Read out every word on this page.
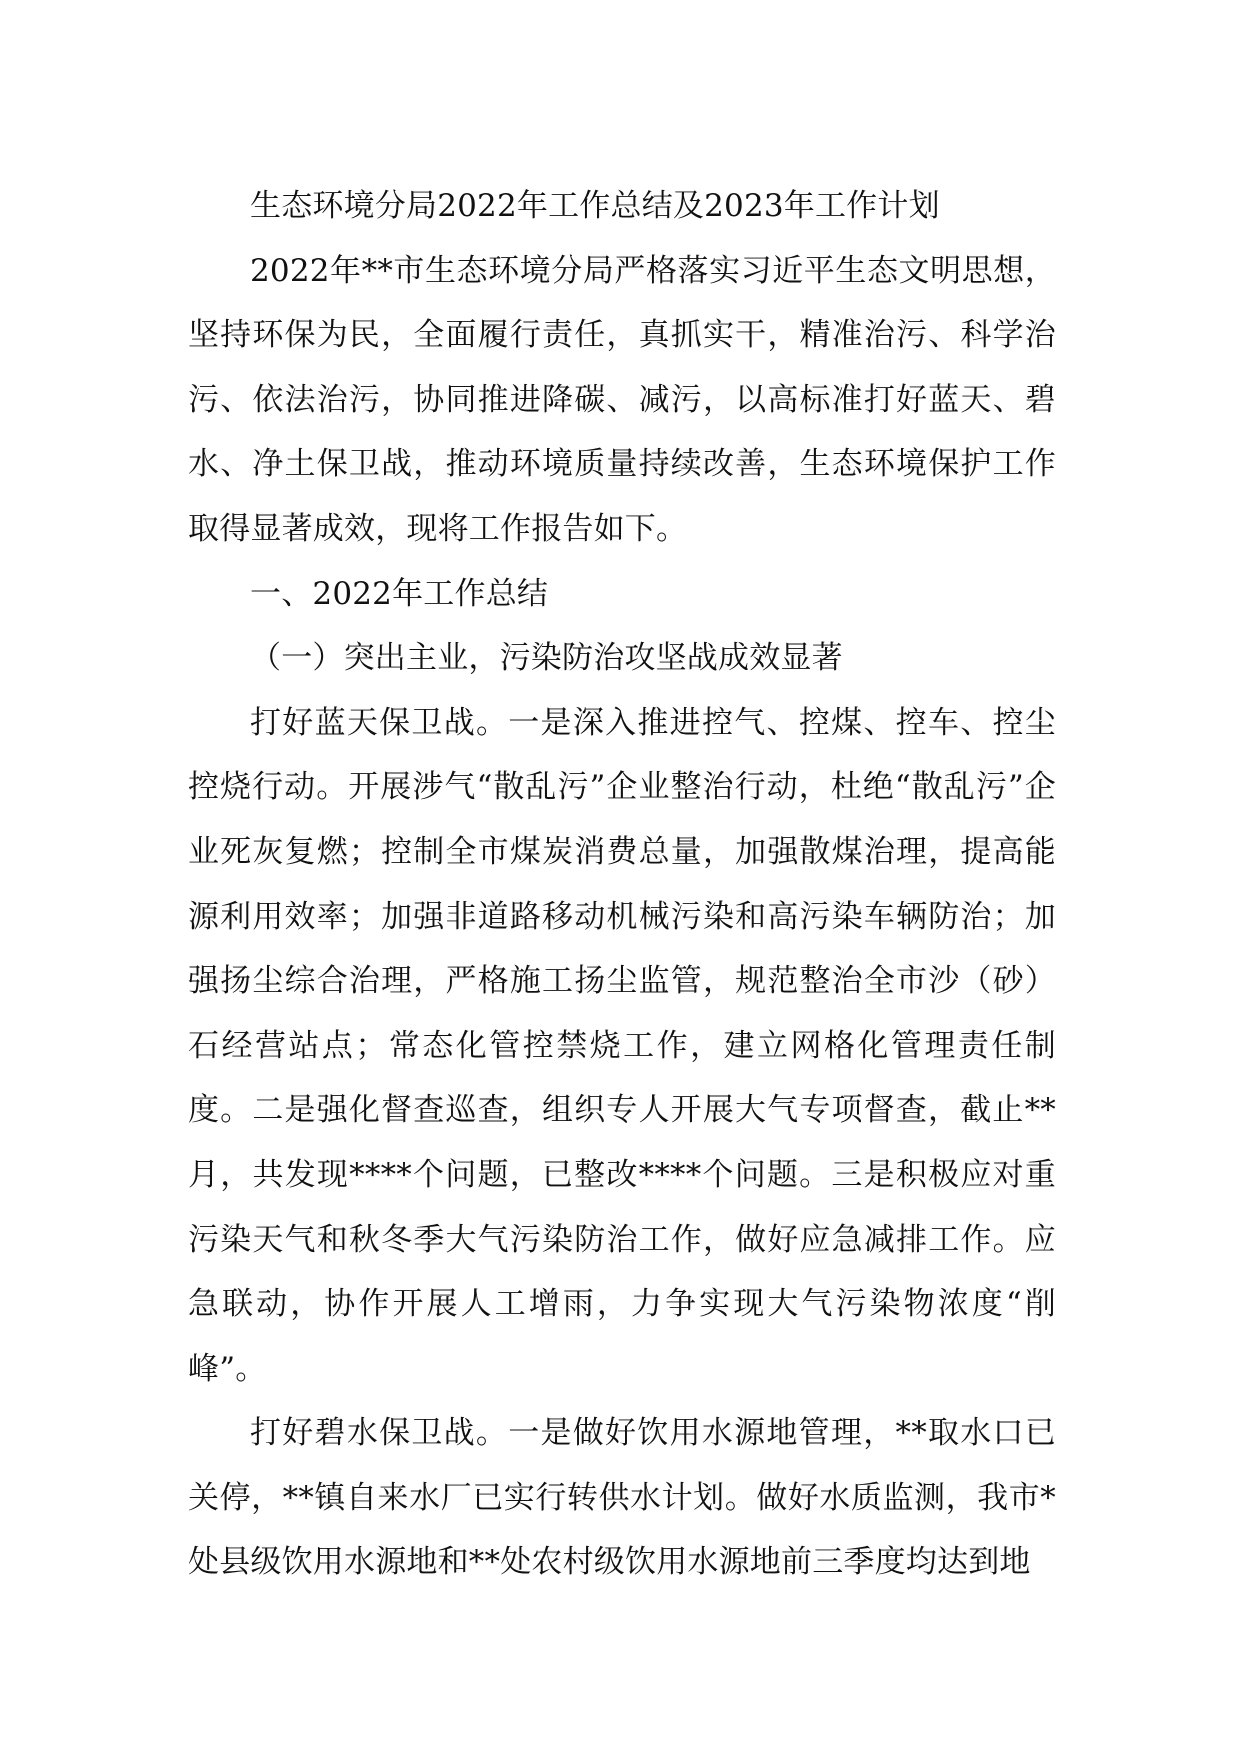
生态环境分局2022年工作总结及2023年工作计划

2022年**市生态环境分局严格落实习近平生态文明思想，坚持环保为民，全面履行责任，真抓实干，精准治污、科学治污、依法治污，协同推进降碳、减污，以高标准打好蓝天、碧水、净土保卫战，推动环境质量持续改善，生态环境保护工作取得显著成效，现将工作报告如下。

一、2022年工作总结

（一）突出主业，污染防治攻坚战成效显著

打好蓝天保卫战。一是深入推进控气、控煤、控车、控尘控烧行动。开展涉气“散乱污”企业整治行动，杜绝“散乱污”企业死灰复燃；控制全市煤炭消费总量，加强散煤治理，提高能源利用效率；加强非道路移动机械污染和高污染车辆防治；加强扬尘综合治理，严格施工扬尘监管，规范整治全市沙（砂）石经营站点；常态化管控禁烧工作，建立网格化管理责任制度。二是强化督查巡查，组织专人开展大气专项督查，截止**月，共发现****个问题，已整改****个问题。三是积极应对重污染天气和秋冬季大气污染防治工作，做好应急减排工作。应急联动，协作开展人工增雨，力争实现大气污染物浓度“削峰”。

打好碧水保卫战。一是做好饮用水源地管理，**取水口已关停，**镇自来水厂已实行转供水计划。做好水质监测，我市*处县级饮用水源地和**处农村级饮用水源地前三季度均达到地
